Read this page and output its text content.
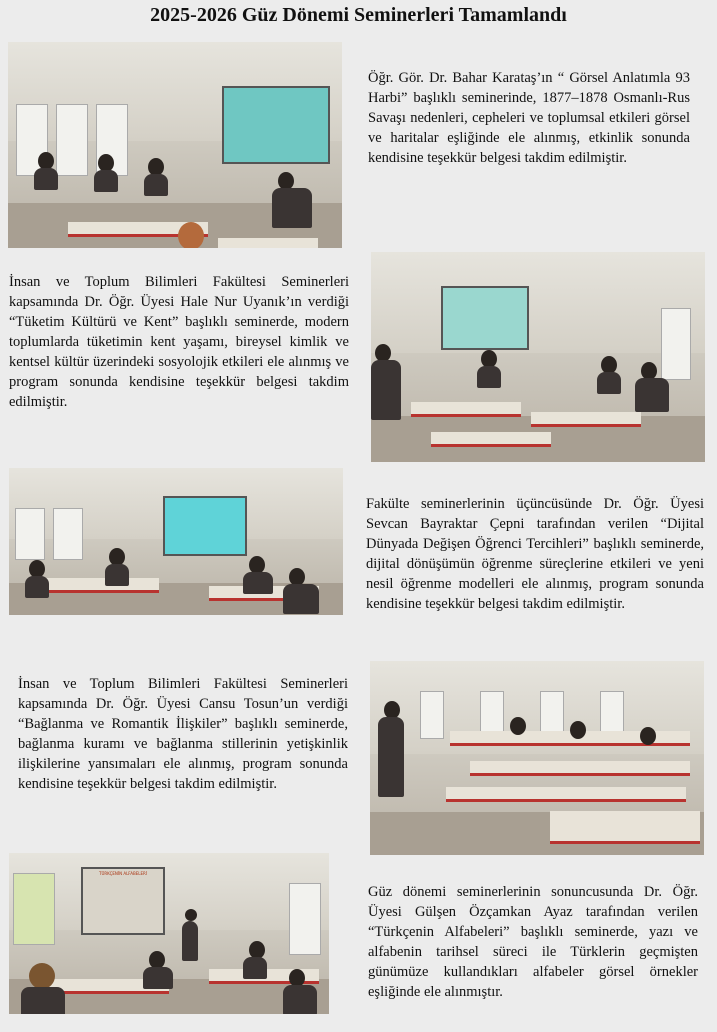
2025-2026 Güz Dönemi Seminerleri Tamamlandı
Öğr. Gör. Dr. Bahar Karataş’ın “ Görsel Anlatımla 93 Harbi” başlıklı seminerinde, 1877–1878 Osmanlı-Rus Savaşı nedenleri, cepheleri ve toplumsal etkileri görsel ve haritalar eşliğinde ele alınmış, etkinlik sonunda kendisine teşekkür belgesi takdim edilmiştir.
İnsan ve Toplum Bilimleri Fakültesi Seminerleri kapsamında Dr. Öğr. Üyesi Hale Nur Uyanık’ın verdiği “Tüketim Kültürü ve Kent” başlıklı seminerde, modern toplumlarda tüketimin kent yaşamı, bireysel kimlik ve kentsel kültür üzerindeki sosyolojik etkileri ele alınmış ve program sonunda kendisine teşekkür belgesi takdim edilmiştir.
Fakülte seminerlerinin üçüncüsünde Dr. Öğr. Üyesi Sevcan Bayraktar Çepni tarafından verilen “Dijital Dünyada Değişen Öğrenci Tercihleri” başlıklı seminerde, dijital dönüşümün öğrenme süreçlerine etkileri ve yeni nesil öğrenme modelleri ele alınmış, program sonunda kendisine teşekkür belgesi takdim edilmiştir.
İnsan ve Toplum Bilimleri Fakültesi Seminerleri kapsamında Dr. Öğr. Üyesi Cansu Tosun’un verdiği “Bağlanma ve Romantik İlişkiler” başlıklı seminerde, bağlanma kuramı ve bağlanma stillerinin yetişkinlik ilişkilerine yansımaları ele alınmış, program sonunda kendisine teşekkür belgesi takdim edilmiştir.
TÜRKÇENİN ALFABELERİ
Güz dönemi seminerlerinin sonuncusunda Dr. Öğr. Üyesi Gülşen Özçamkan Ayaz tarafından verilen “Türkçenin Alfabeleri” başlıklı seminerde, yazı ve alfabenin tarihsel süreci ile Türklerin geçmişten günümüze kullandıkları alfabeler görsel örnekler eşliğinde ele alınmıştır.
